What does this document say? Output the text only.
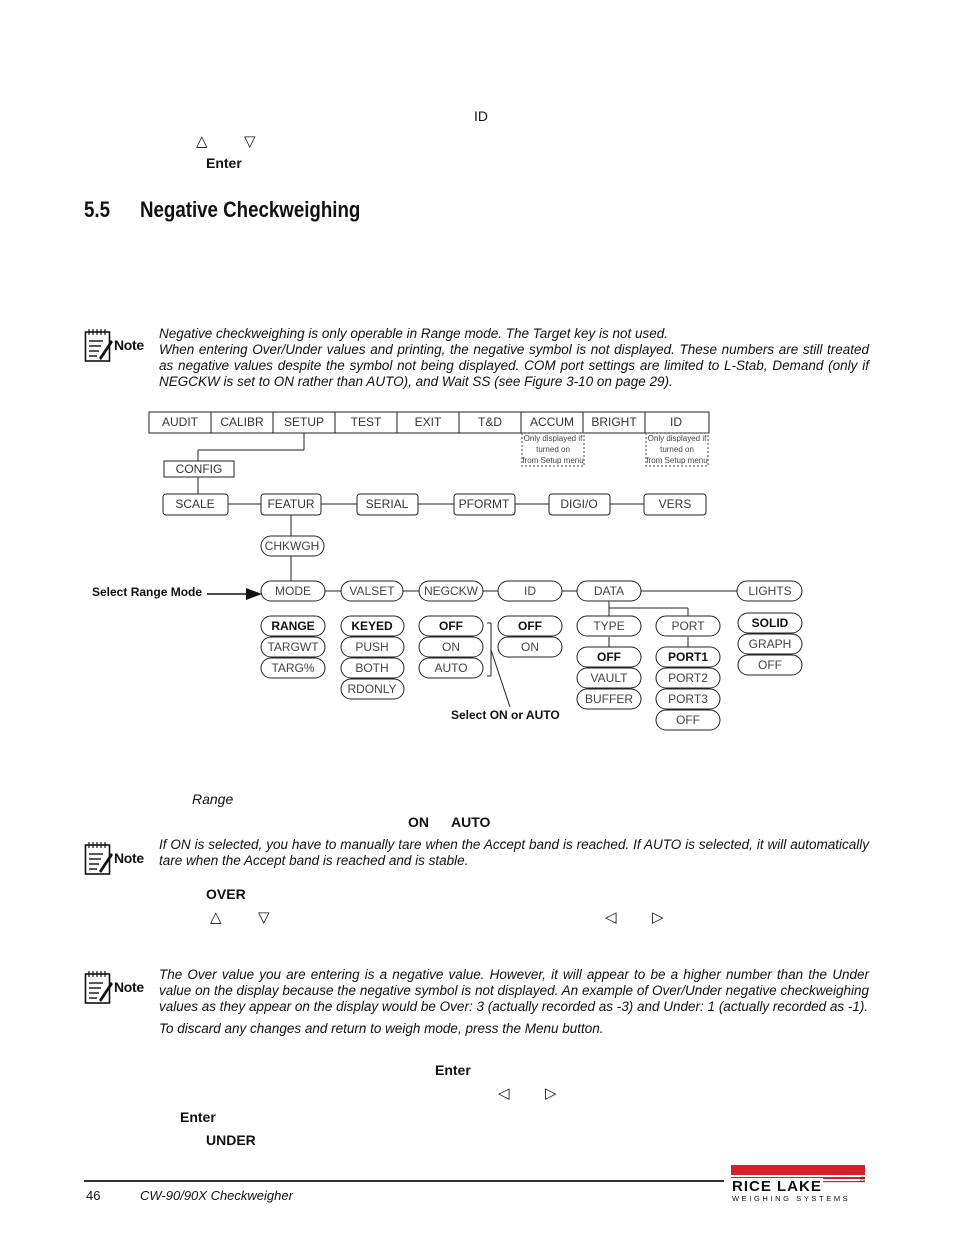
ID
△ ▽
Enter
5.5 Negative Checkweighing
Note

Negative checkweighing is only operable in Range mode. The Target key is not used.

When entering Over/Under values and printing, the negative symbol is not displayed. These numbers are still treated as negative values despite the symbol not being displayed. COM port settings are limited to L-Stab, Demand (only if NEGCKW is set to ON rather than AUTO), and Wait SS (see Figure 3-10 on page 29).

AUDIT CALIBR SETUP TEST	EXIT	T&D ACCUM BRIGHT	ID
Only displayed if
turned on
from Setup menu
Only displayed if
turned on
from Setup menu
CONFIG
SCALE	FEATUR	SERIAL	PFORMT	DIGI/O	VERS
CHKWGH
MODE	VALSET NEGCKW	ID	DATA	LIGHTS
RANGE
TARGWT
TARG%
KEYED
PUSH
BOTH
RDONLY
OFF
ON
AUTO
OFF
ON
TYPE
OFF
VAULT
BUFFER
PORT
PORT1
PORT2
PORT3
OFF
SOLID
GRAPH
OFF
Select Range Mode
Select ON or AUTO
Range
ON AUTO
Note

If ON is selected, you have to manually tare when the Accept band is reached. If AUTO is selected, it will automatically tare when the Accept band is reached and is stable.

OVER
△ ▽	◁ ▷
Note

The Over value you are entering is a negative value. However, it will appear to be a higher number than the Under value on the display because the negative symbol is not displayed. An example of Over/Under negative checkweighing values as they appear on the display would be Over: 3 (actually recorded as -3) and Under: 1 (actually recorded as -1).

To discard any changes and return to weigh mode, press the Menu button.

Enter
◁ ▷
Enter
UNDER
46	CW-90/90X Checkweigher
RICE LAKE	®
WEIGHING SYSTEMS
